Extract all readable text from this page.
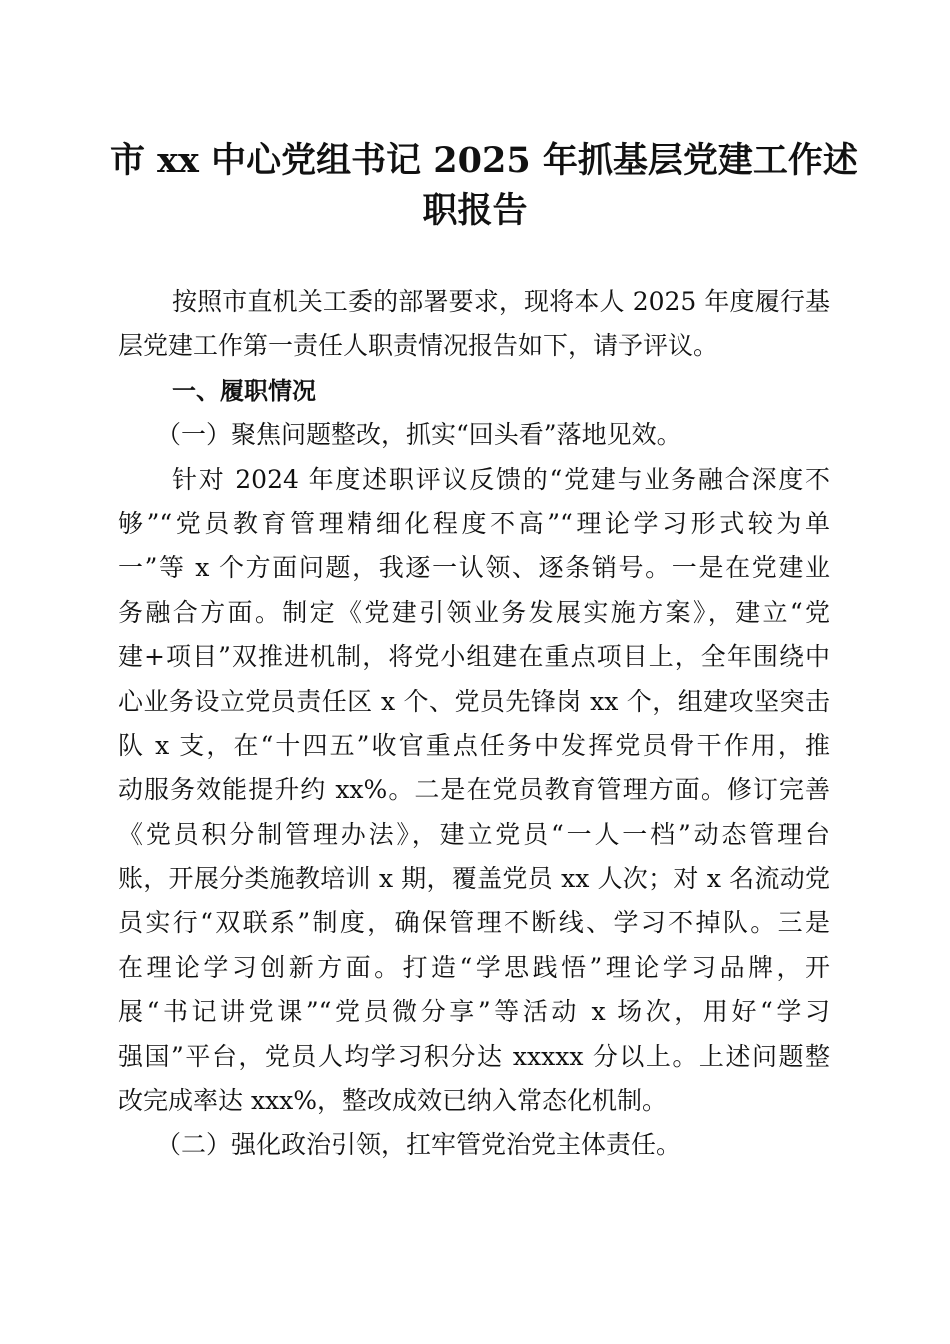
市 xx 中心党组书记 2025 年抓基层党建工作述
职报告
按照市直机关工委的部署要求，现将本人 2025 年度履行基
层党建工作第一责任人职责情况报告如下，请予评议。
一、履职情况
（一）聚焦问题整改，抓实“回头看”落地见效。
针对 2024 年度述职评议反馈的“党建与业务融合深度不
够”“党员教育管理精细化程度不高”“理论学习形式较为单
一”等 x 个方面问题，我逐一认领、逐条销号。一是在党建业
务融合方面。制定《党建引领业务发展实施方案》，建立“党
建+项目”双推进机制，将党小组建在重点项目上，全年围绕中
心业务设立党员责任区 x 个、党员先锋岗 xx 个，组建攻坚突击
队 x 支，在“十四五”收官重点任务中发挥党员骨干作用，推
动服务效能提升约 xx%。二是在党员教育管理方面。修订完善
《党员积分制管理办法》，建立党员“一人一档”动态管理台
账，开展分类施教培训 x 期，覆盖党员 xx 人次；对 x 名流动党
员实行“双联系”制度，确保管理不断线、学习不掉队。三是
在理论学习创新方面。打造“学思践悟”理论学习品牌，开
展“书记讲党课”“党员微分享”等活动 x 场次，用好“学习
强国”平台，党员人均学习积分达 xxxxx 分以上。上述问题整
改完成率达 xxx%，整改成效已纳入常态化机制。
（二）强化政治引领，扛牢管党治党主体责任。
